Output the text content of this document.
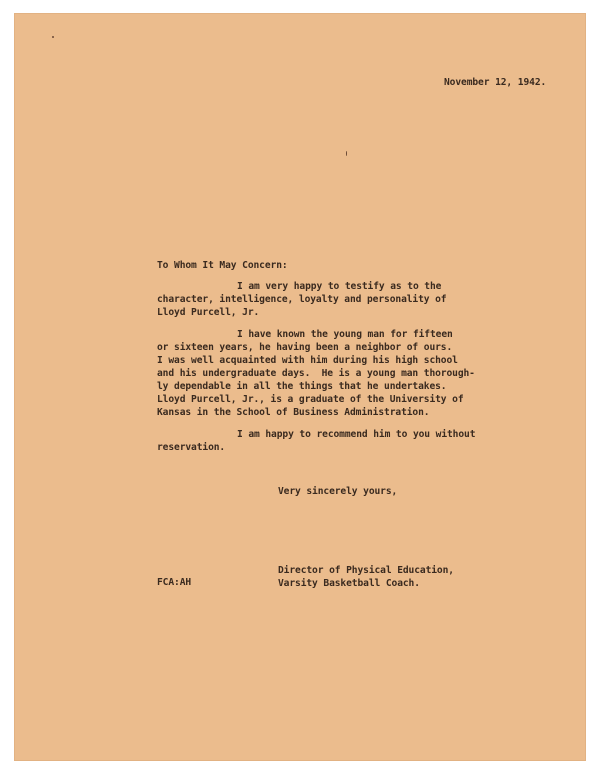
November 12, 1942.
To Whom It May Concern:
I am very happy to testify as to the
character, intelligence, loyalty and personality of
Lloyd Purcell, Jr.
I have known the young man for fifteen
or sixteen years, he having been a neighbor of ours.
I was well acquainted with him during his high school
and his undergraduate days.  He is a young man thorough-
ly dependable in all the things that he undertakes.
Lloyd Purcell, Jr., is a graduate of the University of
Kansas in the School of Business Administration.
I am happy to recommend him to you without
reservation.
Very sincerely yours,
Director of Physical Education,
FCA:AH	Varsity Basketball Coach.
